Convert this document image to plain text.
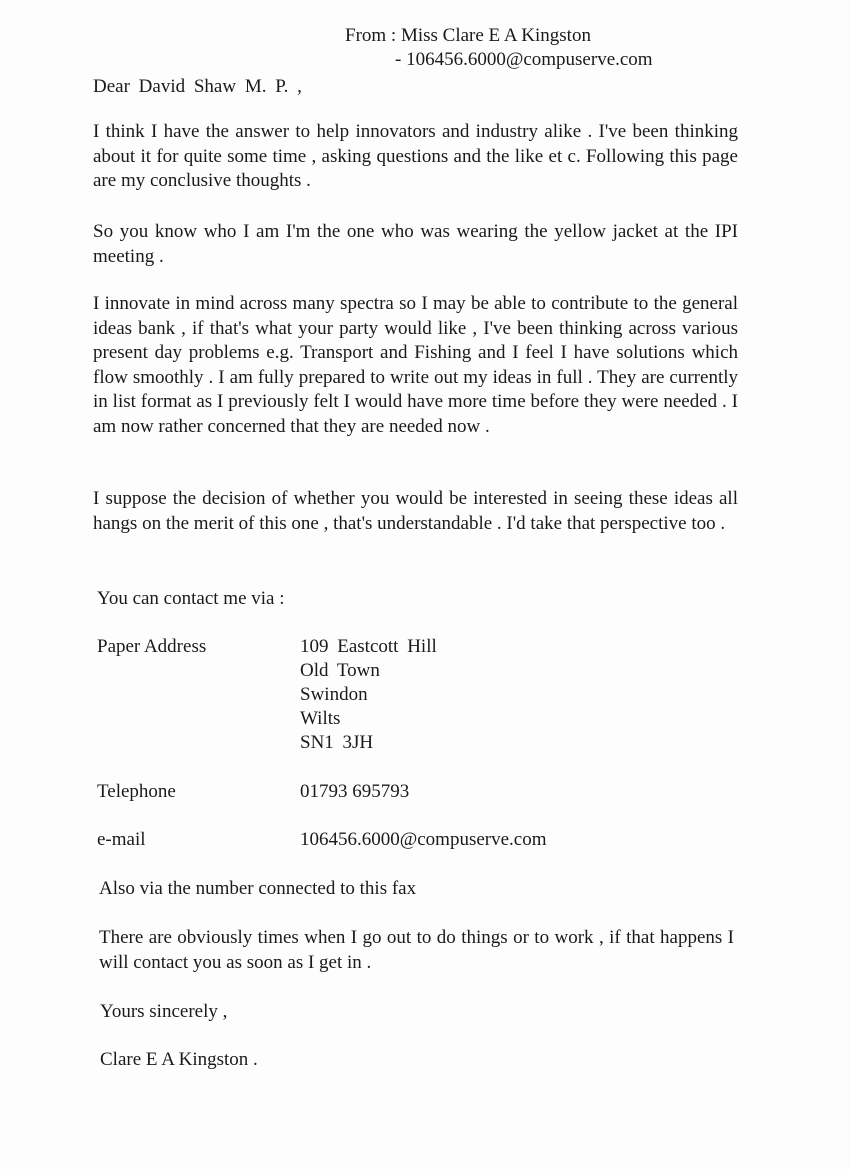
From : Miss Clare E A Kingston
- 106456.6000@compuserve.com
Dear David Shaw M. P. ,

I think I have the answer to help innovators and industry alike . I've been thinking about it for quite some time , asking questions and the like et c. Following this page are my conclusive thoughts .

So you know who I am I'm the one who was wearing the yellow jacket at the IPI meeting .

I innovate in mind across many spectra so I may be able to contribute to the general ideas bank , if that's what your party would like , I've been thinking across various present day problems e.g. Transport and Fishing and I feel I have solutions which flow smoothly . I am fully prepared to write out my ideas in full . They are currently in list format as I previously felt I would have more time before they were needed . I am now rather concerned that they are needed now .

I suppose the decision of whether you would be interested in seeing these ideas all hangs on the merit of this one , that's understandable . I'd take that perspective too .

You can contact me via :
Paper Address	109 Eastcott Hill
Old Town
Swindon
Wilts
SN1 3JH
Telephone	01793 695793
e-mail	106456.6000@compuserve.com
Also via the number connected to this fax

There are obviously times when I go out to do things or to work , if that happens I will contact you as soon as I get in .

Yours sincerely ,
Clare E A Kingston .
